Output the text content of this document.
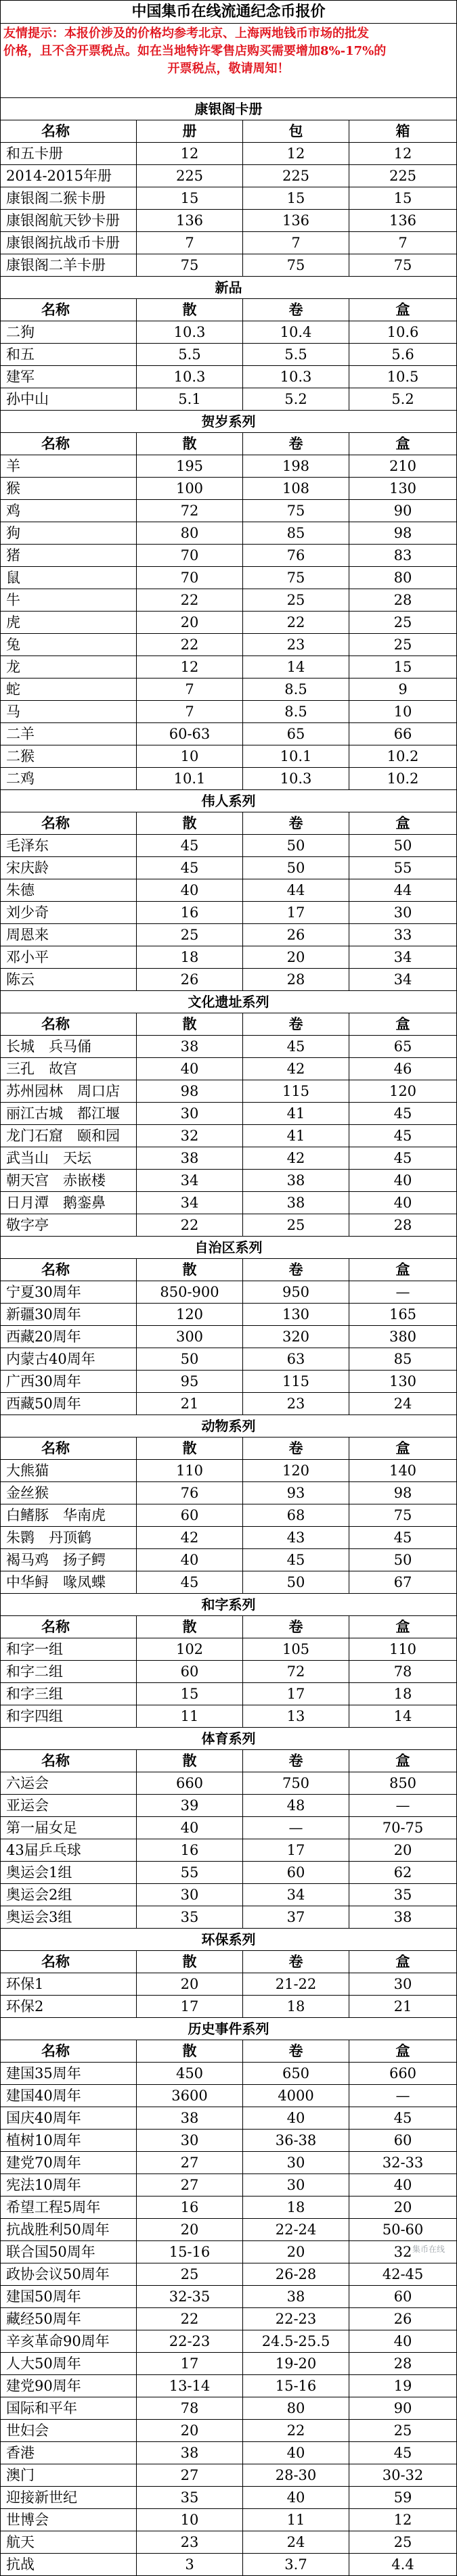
中国集币在线流通纪念币报价
友情提示：本报价涉及的价格均参考北京、上海两地钱币市场的批发
价格，且不含开票税点。如在当地特许零售店购买需要增加8%-17%的
开票税点，敬请周知！
康银阁卡册
名称	册	包	箱
和五卡册	12	12	12
2014-2015年册	225	225	225
康银阁二猴卡册	15	15	15
康银阁航天钞卡册	136	136	136
康银阁抗战币卡册	7	7	7
康银阁二羊卡册	75	75	75
新品
名称	散	卷	盒
二狗	10.3	10.4	10.6
和五	5.5	5.5	5.6
建军	10.3	10.3	10.5
孙中山	5.1	5.2	5.2
贺岁系列
名称	散	卷	盒
羊	195	198	210
猴	100	108	130
鸡	72	75	90
狗	80	85	98
猪	70	76	83
鼠	70	75	80
牛	22	25	28
虎	20	22	25
兔	22	23	25
龙	12	14	15
蛇	7	8.5	9
马	7	8.5	10
二羊	60-63	65	66
二猴	10	10.1	10.2
二鸡	10.1	10.3	10.2
伟人系列
名称	散	卷	盒
毛泽东	45	50	50
宋庆龄	45	50	55
朱德	40	44	44
刘少奇	16	17	30
周恩来	25	26	33
邓小平	18	20	34
陈云	26	28	34
文化遗址系列
名称	散	卷	盒
长城　兵马俑	38	45	65
三孔　故宫	40	42	46
苏州园林　周口店	98	115	120
丽江古城　都江堰	30	41	45
龙门石窟　颐和园	32	41	45
武当山　天坛	38	42	45
朝天宫　赤嵌楼	34	38	40
日月潭　鹅銮鼻	34	38	40
敬字亭	22	25	28
自治区系列
名称	散	卷	盒
宁夏30周年	850-900	950	—
新疆30周年	120	130	165
西藏20周年	300	320	380
内蒙古40周年	50	63	85
广西30周年	95	115	130
西藏50周年	21	23	24
动物系列
名称	散	卷	盒
大熊猫	110	120	140
金丝猴	76	93	98
白鳍豚　华南虎	60	68	75
朱鹮　丹顶鹤	42	43	45
褐马鸡　扬子鳄	40	45	50
中华鲟　喙凤蝶	45	50	67
和字系列
名称	散	卷	盒
和字一组	102	105	110
和字二组	60	72	78
和字三组	15	17	18
和字四组	11	13	14
体育系列
名称	散	卷	盒
六运会	660	750	850
亚运会	39	48	—
第一届女足	40	—	70-75
43届乒乓球	16	17	20
奥运会1组	55	60	62
奥运会2组	30	34	35
奥运会3组	35	37	38
环保系列
名称	散	卷	盒
环保1	20	21-22	30
环保2	17	18	21
历史事件系列
名称	散	卷	盒
建国35周年	450	650	660
建国40周年	3600	4000	—
国庆40周年	38	40	45
植树10周年	30	36-38	60
建党70周年	27	30	32-33
宪法10周年	27	30	40
希望工程5周年	16	18	20
抗战胜利50周年	20	22-24	50-60
联合国50周年	15-16	20	32
政协会议50周年	25	26-28	42-45
建国50周年	32-35	38	60
藏经50周年	22	22-23	26
辛亥革命90周年	22-23	24.5-25.5	40
人大50周年	17	19-20	28
建党90周年	13-14	15-16	19
国际和平年	78	80	90
世妇会	20	22	25
香港	38	40	45
澳门	27	28-30	30-32
迎接新世纪	35	40	59
世博会	10	11	12
航天	23	24	25
抗战	3	3.7	4.4
集币在线
